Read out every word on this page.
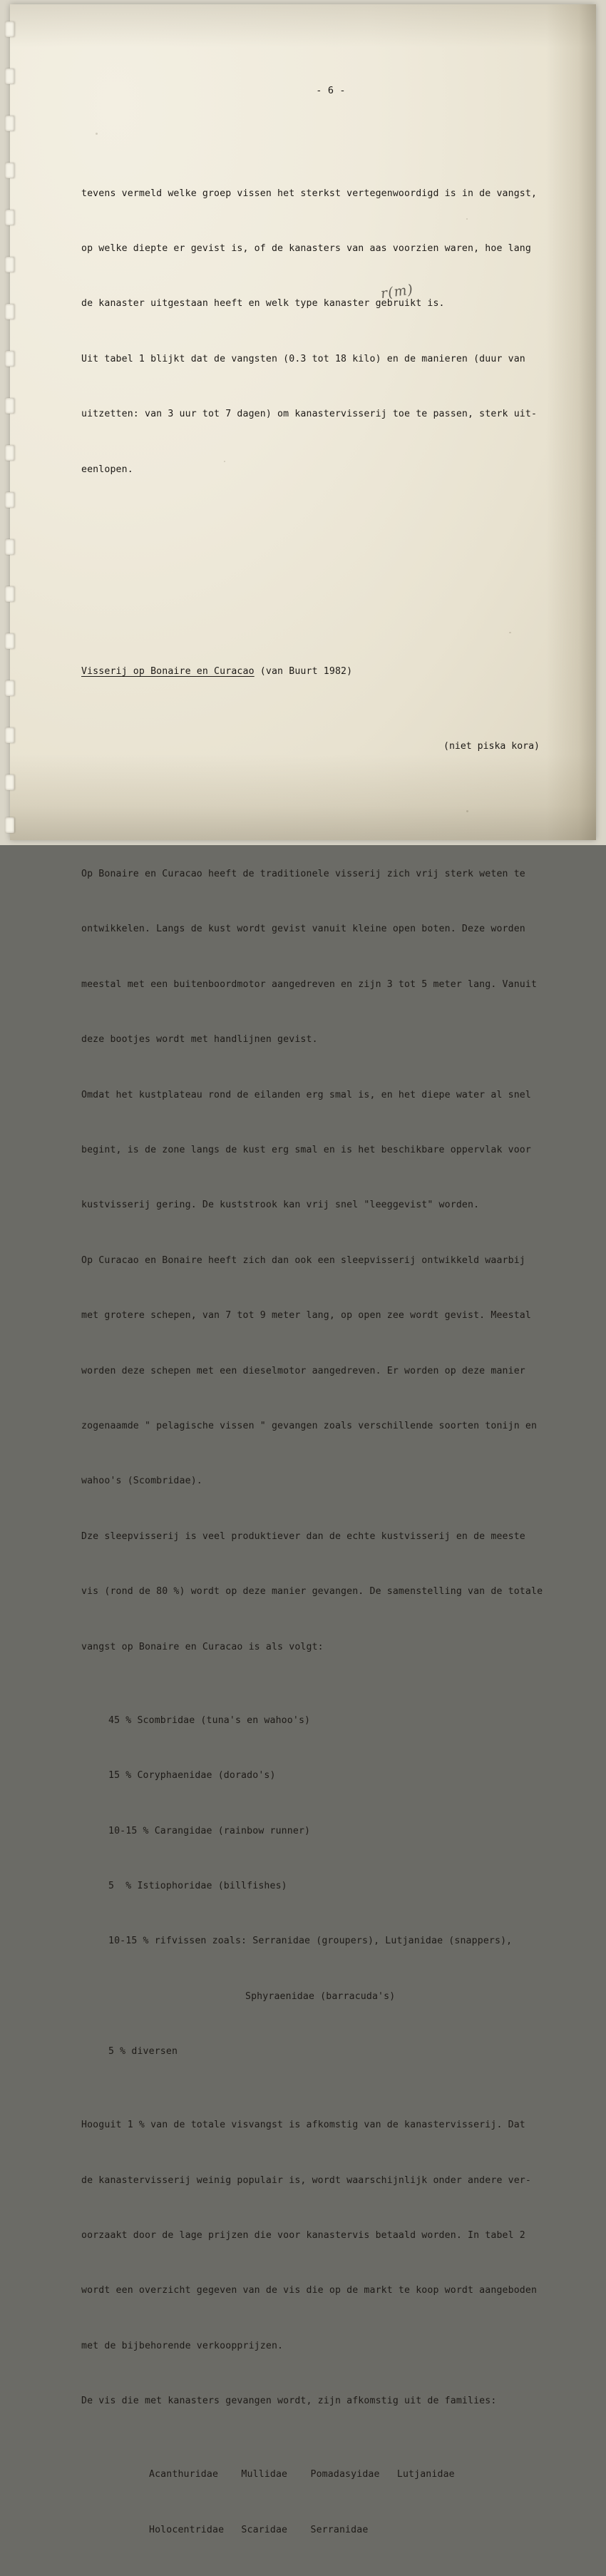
- 6 -

tevens vermeld welke groep vissen het sterkst vertegenwoordigd is in de vangst,

op welke diepte er gevist is, of de kanasters van aas voorzien waren, hoe lang

de kanaster uitgestaan heeft en welk type kanaster gebruikt is.

Uit tabel 1 blijkt dat de vangsten (0.3 tot 18 kilo) en de manieren (duur van

uitzetten: van 3 uur tot 7 dagen) om kanastervisserij toe te passen, sterk uit-

eenlopen.

Visserij op Bonaire en Curacao (van Buurt 1982)

Op Bonaire en Curacao heeft de traditionele visserij zich vrij sterk weten te

ontwikkelen. Langs de kust wordt gevist vanuit kleine open boten. Deze worden

meestal met een buitenboordmotor aangedreven en zijn 3 tot 5 meter lang. Vanuit

deze bootjes wordt met handlijnen gevist.

Omdat het kustplateau rond de eilanden erg smal is, en het diepe water al snel

begint, is de zone langs de kust erg smal en is het beschikbare oppervlak voor

kustvisserij gering. De kuststrook kan vrij snel "leeggevist" worden.

Op Curacao en Bonaire heeft zich dan ook een sleepvisserij ontwikkeld waarbij

met grotere schepen, van 7 tot 9 meter lang, op open zee wordt gevist. Meestal

worden deze schepen met een dieselmotor aangedreven. Er worden op deze manier

zogenaamde " pelagische vissen " gevangen zoals verschillende soorten tonijn en

wahoo's (Scombridae).

Dze sleepvisserij is veel produktiever dan de echte kustvisserij en de meeste

vis (rond de 80 %) wordt op deze manier gevangen. De samenstelling van de totale

vangst op Bonaire en Curacao is als volgt:

45 % Scombridae (tuna's en wahoo's)

15 % Coryphaenidae (dorado's)

10-15 % Carangidae (rainbow runner)

5  % Istiophoridae (billfishes)

10-15 % rifvissen zoals: Serranidae (groupers), Lutjanidae (snappers),

Sphyraenidae (barracuda's)

5 % diversen

Hooguit 1 % van de totale visvangst is afkomstig van de kanastervisserij. Dat

de kanastervisserij weinig populair is, wordt waarschijnlijk onder andere ver-

oorzaakt door de lage prijzen die voor kanastervis betaald worden. In tabel 2

wordt een overzicht gegeven van de vis die op de markt te koop wordt aangeboden

met de bijbehorende verkoopprijzen.

De vis die met kanasters gevangen wordt, zijn afkomstig uit de families:

Acanthuridae    Mullidae    Pomadasyidae   Lutjanidae

Holocentridae   Scaridae    Serranidae

(niet piska kora)
r(m)
